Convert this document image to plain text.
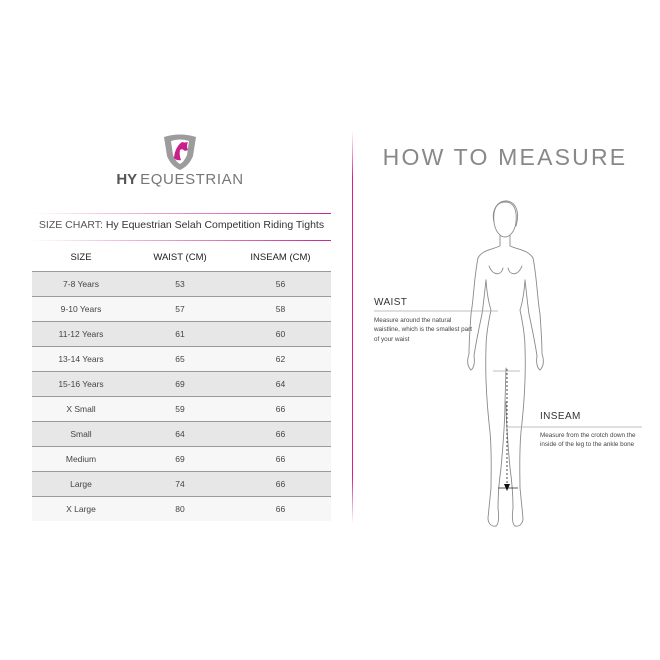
HY EQUESTRIAN
SIZE CHART: Hy Equestrian Selah Competition Riding Tights
SIZE	WAIST (CM)	INSEAM (CM)
7-8 Years	53	56
9-10 Years	57	58
11-12 Years	61	60
13-14 Years	65	62
15-16 Years	69	64
X Small	59	66
Small	64	66
Medium	69	66
Large	74	66
X Large	80	66
HOW TO MEASURE
WAIST
Measure around the natural waistline, which is the smallest part of your waist
INSEAM
Measure from the crotch down the inside of the leg to the ankle bone
